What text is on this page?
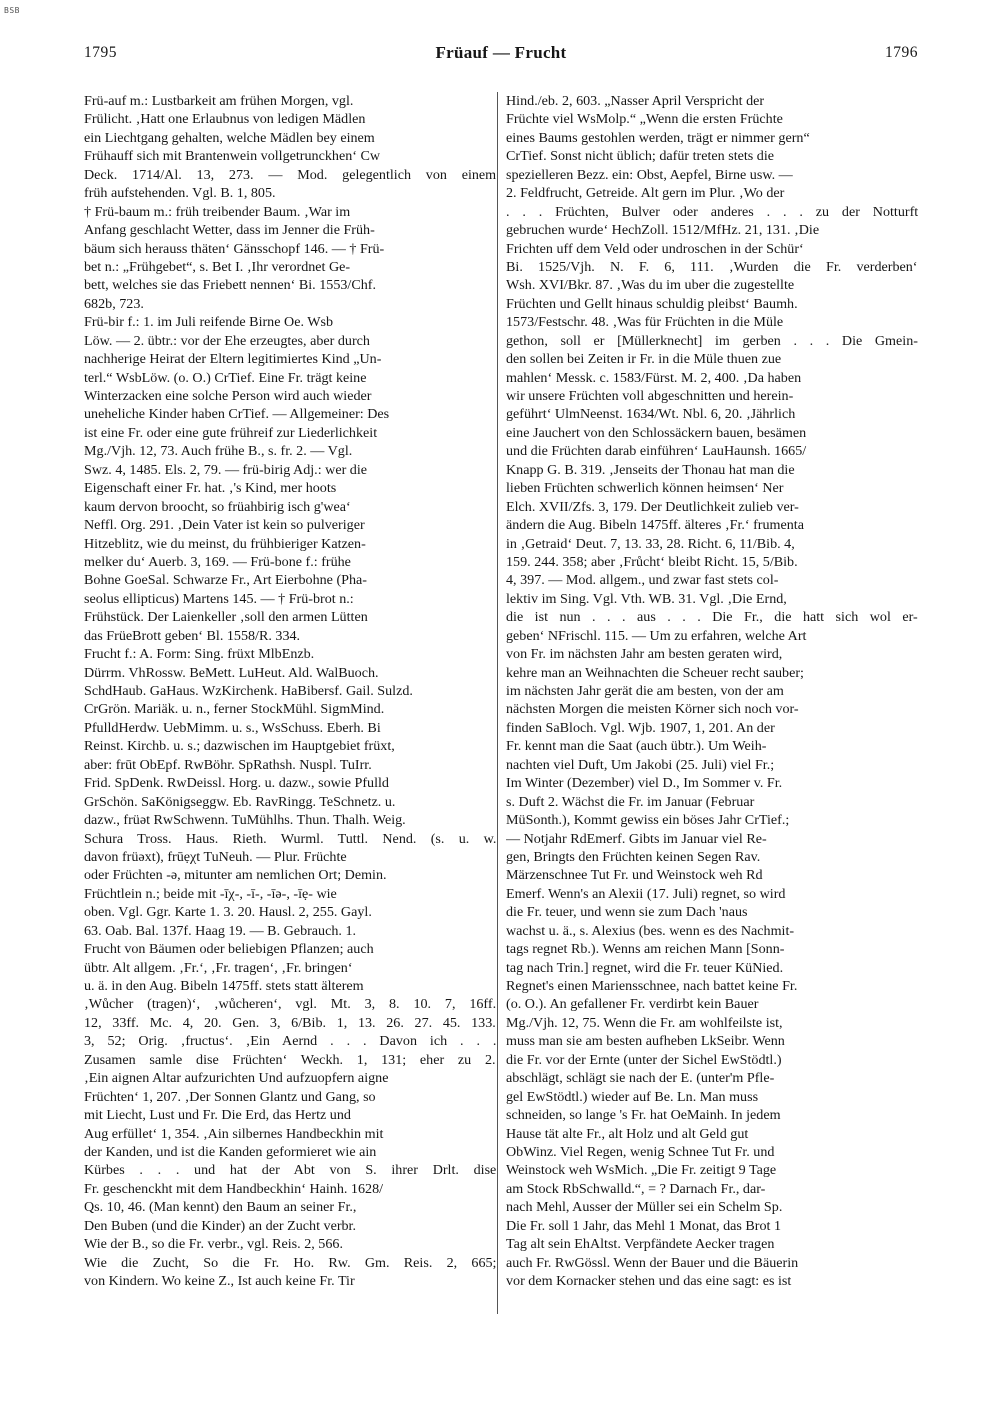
BSB
1795	Früauf — Frucht	1796
Frü-auf m.: Lustbarkeit am frühen Morgen, vgl.
Frülicht. ‚Hatt one Erlaubnus von ledigen Mädlen
ein Liechtgang gehalten, welche Mädlen bey einem
Frühauff sich mit Brantenwein vollgetrunckhen‘ Cw
Deck. 1714/Al. 13, 273. — Mod. gelegentlich von einem
früh aufstehenden. Vgl. B. 1, 805.
† Frü-baum m.: früh treibender Baum. ‚War im
Anfang geschlacht Wetter, dass im Jenner die Früh-
bäum sich herauss thäten‘ Gänsschopf 146. — † Frü-
bet n.: „Frühgebet“, s. Bet I. ‚Ihr verordnet Ge-
bett, welches sie das Friebett nennen‘ Bi. 1553/Chf.
682b, 723.
Frü-bir f.: 1. im Juli reifende Birne Oe. Wsb
Löw. — 2. übtr.: vor der Ehe erzeugtes, aber durch
nachherige Heirat der Eltern legitimiertes Kind „Un-
terl.“ WsbLöw. (o. O.) CrTief. Eine Fr. trägt keine
Winterzacken eine solche Person wird auch wieder
uneheliche Kinder haben CrTief. — Allgemeiner: Des
ist eine Fr. oder eine gute frühreif zur Liederlichkeit
Mg./Vjh. 12, 73. Auch frühe B., s. fr. 2. — Vgl.
Swz. 4, 1485. Els. 2, 79. — frü-birig Adj.: wer die
Eigenschaft einer Fr. hat. ‚'s Kind, mer hoots
kaum dervon broocht, so früahbirig isch g'wea‘
Neffl. Org. 291. ‚Dein Vater ist kein so pulveriger
Hitzeblitz, wie du meinst, du frühbieriger Katzen-
melker du‘ Auerb. 3, 169. — Frü-bone f.: frühe
Bohne GoeSal. Schwarze Fr., Art Eierbohne (Pha-
seolus ellipticus) Martens 145. — † Frü-brot n.:
Frühstück. Der Laienkeller ‚soll den armen Lütten
das FrüeBrott geben‘ Bl. 1558/R. 334.
Frucht f.: A. Form: Sing. früxt MlbEnzb.
Dürrm. VhRossw. BeMett. LuHeut. Ald. WalBuoch.
SchdHaub. GaHaus. WzKirchenk. HaBibersf. Gail. Sulzd.
CrGrön. Mariäk. u. n., ferner StockMühl. SigmMind.
PfulldHerdw. UebMimm. u. s., WsSchuss. Eberh. Bi
Reinst. Kirchb. u. s.; dazwischen im Hauptgebiet früxt,
aber: frūt ObEpf. RwBöhr. SpRathsh. Nuspl. TuIrr.
Frid. SpDenk. RwDeissl. Horg. u. dazw., sowie Pfulld
GrSchön. SaKönigseggw. Eb. RavRingg. TeSchnetz. u.
dazw., früət RwSchwenn. TuMühlhs. Thun. Thalh. Weig.
Schura Tross. Haus. Rieth. Wurml. Tuttl. Nend. (s. u. w.
davon früəxt), frūẹχt TuNeuh. — Plur. Früchte
oder Früchten -ə, mitunter am nemlichen Ort; Demin.
Früchtlein n.; beide mit -īχ-, -ī-, -īə-, -īẹ- wie
oben. Vgl. Ggr. Karte 1. 3. 20. Hausl. 2, 255. Gayl.
63. Oab. Bal. 137f. Haag 19. — B. Gebrauch. 1.
Frucht von Bäumen oder beliebigen Pflanzen; auch
übtr. Alt allgem. ‚Fr.‘, ‚Fr. tragen‘, ‚Fr. bringen‘
u. ä. in den Aug. Bibeln 1475ff. stets statt älterem
‚Wůcher (tragen)‘, ‚wůcheren‘, vgl. Mt. 3, 8. 10. 7, 16ff.
12, 33ff. Mc. 4, 20. Gen. 3, 6/Bib. 1, 13. 26. 27. 45. 133.
3, 52; Orig. ‚fructus‘. ‚Ein Aernd . . . Davon ich . . .
Zusamen samle dise Früchten‘ Weckh. 1, 131; eher zu 2.
‚Ein aignen Altar aufzurichten Und aufzuopfern aigne
Früchten‘ 1, 207. ‚Der Sonnen Glantz und Gang, so
mit Liecht, Lust und Fr. Die Erd, das Hertz und
Aug erfüllet‘ 1, 354. ‚Ain silbernes Handbeckhin mit
der Kanden, und ist die Kanden geformieret wie ain
Kürbes . . . und hat der Abt von S. ihrer Drlt. dise
Fr. geschenckht mit dem Handbeckhin‘ Hainh. 1628/
Qs. 10, 46. (Man kennt) den Baum an seiner Fr.,
Den Buben (und die Kinder) an der Zucht verbr.
Wie der B., so die Fr. verbr., vgl. Reis. 2, 566.
Wie die Zucht, So die Fr. Ho. Rw. Gm. Reis. 2, 665;
von Kindern. Wo keine Z., Ist auch keine Fr. Tir
Hind./eb. 2, 603. „Nasser April Verspricht der
Früchte viel WsMolp.“ „Wenn die ersten Früchte
eines Baums gestohlen werden, trägt er nimmer gern“
CrTief. Sonst nicht üblich; dafür treten stets die
spezielleren Bezz. ein: Obst, Aepfel, Birne usw. —
2. Feldfrucht, Getreide. Alt gern im Plur. ‚Wo der
. . . Früchten, Bulver oder anderes . . . zu der Notturft
gebruchen wurde‘ HechZoll. 1512/MfHz. 21, 131. ‚Die
Frichten uff dem Veld oder undroschen in der Schür‘
Bi. 1525/Vjh. N. F. 6, 111. ‚Wurden die Fr. verderben‘
Wsh. XVI/Bkr. 87. ‚Was du im uber die zugestellte
Früchten und Gellt hinaus schuldig pleibst‘ Baumh.
1573/Festschr. 48. ‚Was für Früchten in die Müle
gethon, soll er [Müllerknecht] im gerben . . . Die Gmein-
den sollen bei Zeiten ir Fr. in die Müle thuen zue
mahlen‘ Messk. c. 1583/Fürst. M. 2, 400. ‚Da haben
wir unsere Früchten voll abgeschnitten und herein-
geführt‘ UlmNeenst. 1634/Wt. Nbl. 6, 20. ‚Jährlich
eine Jauchert von den Schlossäckern bauen, besämen
und die Früchten darab einführen‘ LauHaunsh. 1665/
Knapp G. B. 319. ‚Jenseits der Thonau hat man die
lieben Früchten schwerlich können heimsen‘ Ner
Elch. XVII/Zfs. 3, 179. Der Deutlichkeit zulieb ver-
ändern die Aug. Bibeln 1475ff. älteres ‚Fr.‘ frumenta
in ‚Getraid‘ Deut. 7, 13. 33, 28. Richt. 6, 11/Bib. 4,
159. 244. 358; aber ‚Frůcht‘ bleibt Richt. 15, 5/Bib.
4, 397. — Mod. allgem., und zwar fast stets col-
lektiv im Sing. Vgl. Vth. WB. 31. Vgl. ‚Die Ernd,
die ist nun . . . aus . . . Die Fr., die hatt sich wol er-
geben‘ NFrischl. 115. — Um zu erfahren, welche Art
von Fr. im nächsten Jahr am besten geraten wird,
kehre man an Weihnachten die Scheuer recht sauber;
im nächsten Jahr gerät die am besten, von der am
nächsten Morgen die meisten Körner sich noch vor-
finden SaBloch. Vgl. Wjb. 1907, 1, 201. An der
Fr. kennt man die Saat (auch übtr.). Um Weih-
nachten viel Duft, Um Jakobi (25. Juli) viel Fr.;
Im Winter (Dezember) viel D., Im Sommer v. Fr.
s. Duft 2. Wächst die Fr. im Januar (Februar
MüSonth.), Kommt gewiss ein böses Jahr CrTief.;
— Notjahr RdEmerf. Gibts im Januar viel Re-
gen, Bringts den Früchten keinen Segen Rav.
Märzenschnee Tut Fr. und Weinstock weh Rd
Emerf. Wenn's an Alexii (17. Juli) regnet, so wird
die Fr. teuer, und wenn sie zum Dach 'naus
wachst u. ä., s. Alexius (bes. wenn es des Nachmit-
tags regnet Rb.). Wenns am reichen Mann [Sonn-
tag nach Trin.] regnet, wird die Fr. teuer KüNied.
Regnet's einen Mariensschnee, nach battet keine Fr.
(o. O.). An gefallener Fr. verdirbt kein Bauer
Mg./Vjh. 12, 75. Wenn die Fr. am wohlfeilste ist,
muss man sie am besten aufheben LkSeibr. Wenn
die Fr. vor der Ernte (unter der Sichel EwStödtl.)
abschlägt, schlägt sie nach der E. (unter'm Pfle-
gel EwStödtl.) wieder auf Be. Ln. Man muss
schneiden, so lange 's Fr. hat OeMainh. In jedem
Hause tät alte Fr., alt Holz und alt Geld gut
ObWinz. Viel Regen, wenig Schnee Tut Fr. und
Weinstock weh WsMich. „Die Fr. zeitigt 9 Tage
am Stock RbSchwalld.“, = ? Darnach Fr., dar-
nach Mehl, Ausser der Müller sei ein Schelm Sp.
Die Fr. soll 1 Jahr, das Mehl 1 Monat, das Brot 1
Tag alt sein EhAltst. Verpfändete Aecker tragen
auch Fr. RwGössl. Wenn der Bauer und die Bäuerin
vor dem Kornacker stehen und das eine sagt: es ist
